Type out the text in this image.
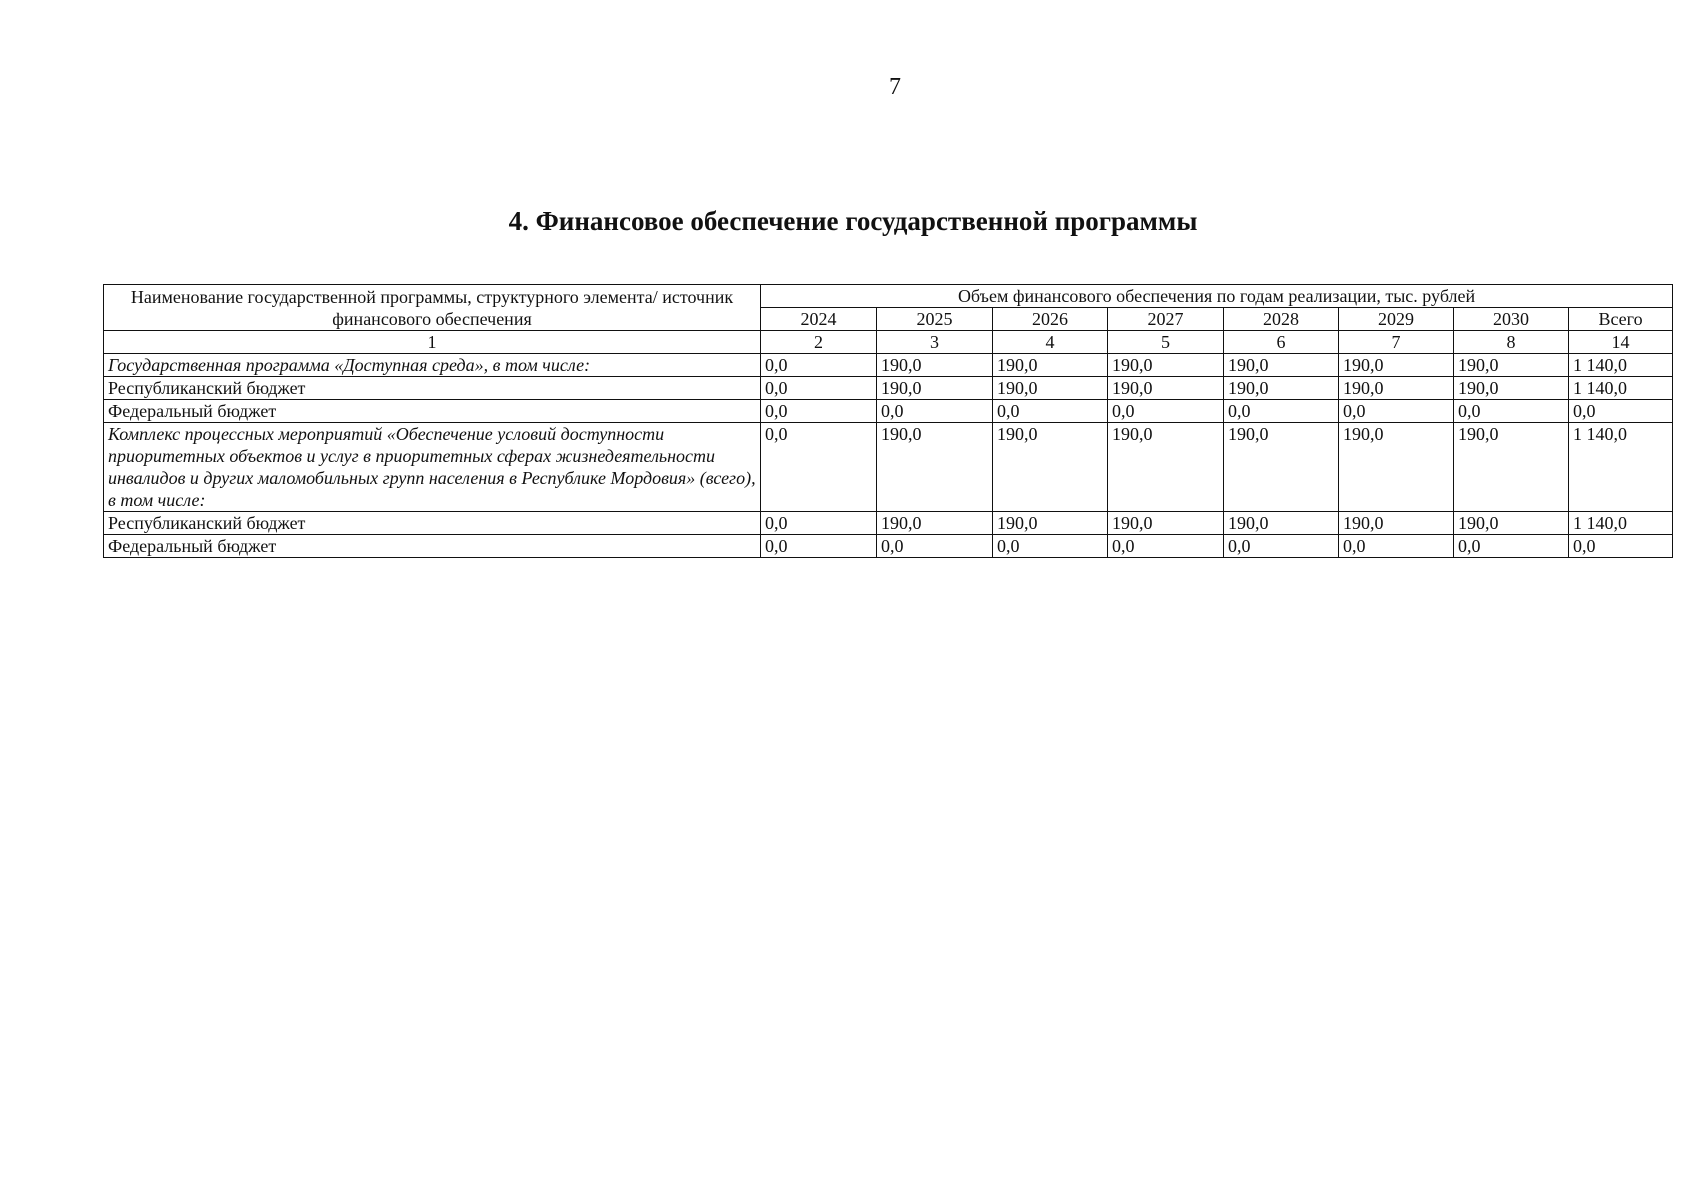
7
4. Финансовое обеспечение государственной программы
Наименование государственной программы, структурного элемента/ источник финансового обеспечения	Объем финансового обеспечения по годам реализации, тыс. рублей							
	2024	2025	2026	2027	2028	2029	2030	Всего
1	2	3	4	5	6	7	8	14
Государственная программа «Доступная среда», в том числе:	0,0	190,0	190,0	190,0	190,0	190,0	190,0	1 140,0
Республиканский бюджет	0,0	190,0	190,0	190,0	190,0	190,0	190,0	1 140,0
Федеральный бюджет	0,0	0,0	0,0	0,0	0,0	0,0	0,0	0,0
Комплекс процессных мероприятий «Обеспечение условий доступности приоритетных объектов и услуг в приоритетных сферах жизнедеятельности инвалидов и других маломобильных групп населения в Республике Мордовия» (всего), в том числе:	0,0	190,0	190,0	190,0	190,0	190,0	190,0	1 140,0
Республиканский бюджет	0,0	190,0	190,0	190,0	190,0	190,0	190,0	1 140,0
Федеральный бюджет	0,0	0,0	0,0	0,0	0,0	0,0	0,0	0,0
